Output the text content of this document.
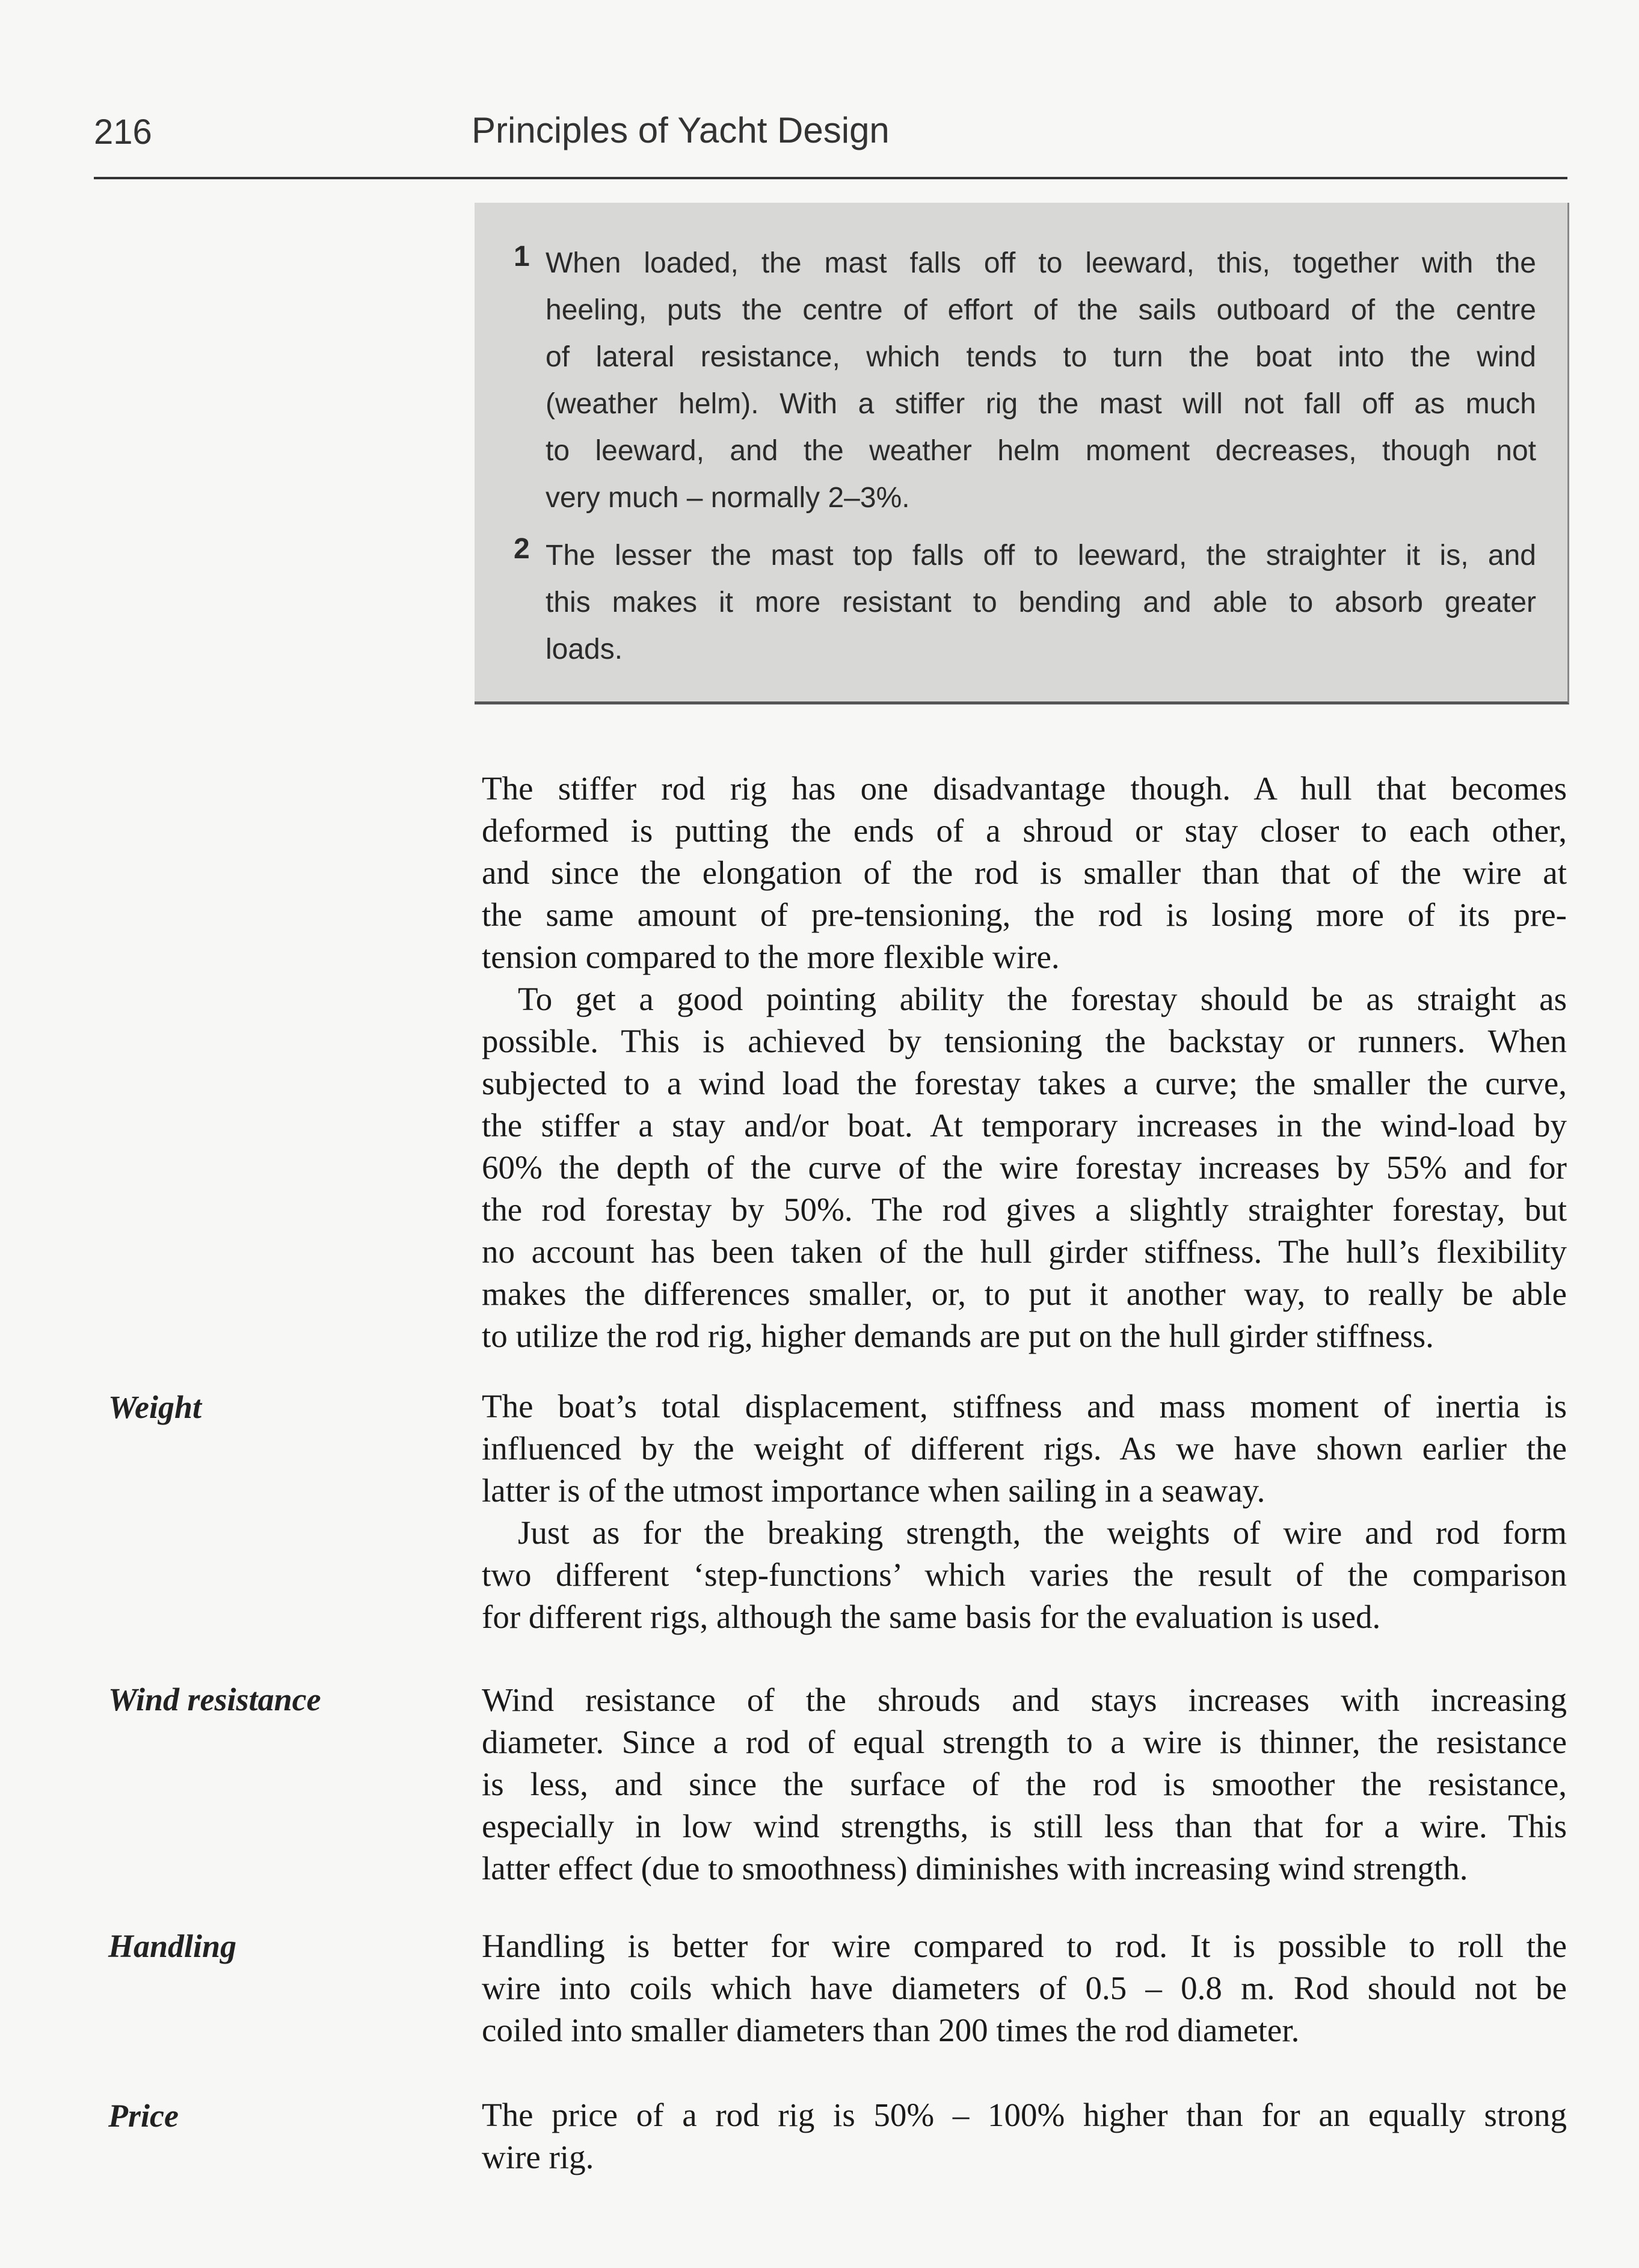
216	Principles of Yacht Design
1 When loaded, the mast falls off to leeward, this, together with the
heeling, puts the centre of effort of the sails outboard of the centre
of lateral resistance, which tends to turn the boat into the wind
(weather helm). With a stiffer rig the mast will not fall off as much
to leeward, and the weather helm moment decreases, though not
very much – normally 2–3%.
2 The lesser the mast top falls off to leeward, the straighter it is, and
this makes it more resistant to bending and able to absorb greater
loads.
The stiffer rod rig has one disadvantage though. A hull that becomes
deformed is putting the ends of a shroud or stay closer to each other,
and since the elongation of the rod is smaller than that of the wire at
the same amount of pre-tensioning, the rod is losing more of its pre-
tension compared to the more flexible wire.
To get a good pointing ability the forestay should be as straight as
possible. This is achieved by tensioning the backstay or runners. When
subjected to a wind load the forestay takes a curve; the smaller the curve,
the stiffer a stay and/or boat. At temporary increases in the wind-load by
60% the depth of the curve of the wire forestay increases by 55% and for
the rod forestay by 50%. The rod gives a slightly straighter forestay, but
no account has been taken of the hull girder stiffness. The hull’s flexibility
makes the differences smaller, or, to put it another way, to really be able
to utilize the rod rig, higher demands are put on the hull girder stiffness.
Weight	The boat’s total displacement, stiffness and mass moment of inertia is
influenced by the weight of different rigs. As we have shown earlier the
latter is of the utmost importance when sailing in a seaway.
Just as for the breaking strength, the weights of wire and rod form
two different ‘step-functions’ which varies the result of the comparison
for different rigs, although the same basis for the evaluation is used.
Wind resistance	Wind resistance of the shrouds and stays increases with increasing
diameter. Since a rod of equal strength to a wire is thinner, the resistance
is less, and since the surface of the rod is smoother the resistance,
especially in low wind strengths, is still less than that for a wire. This
latter effect (due to smoothness) diminishes with increasing wind strength.
Handling	Handling is better for wire compared to rod. It is possible to roll the
wire into coils which have diameters of 0.5 – 0.8 m. Rod should not be
coiled into smaller diameters than 200 times the rod diameter.
Price	The price of a rod rig is 50% – 100% higher than for an equally strong
wire rig.
